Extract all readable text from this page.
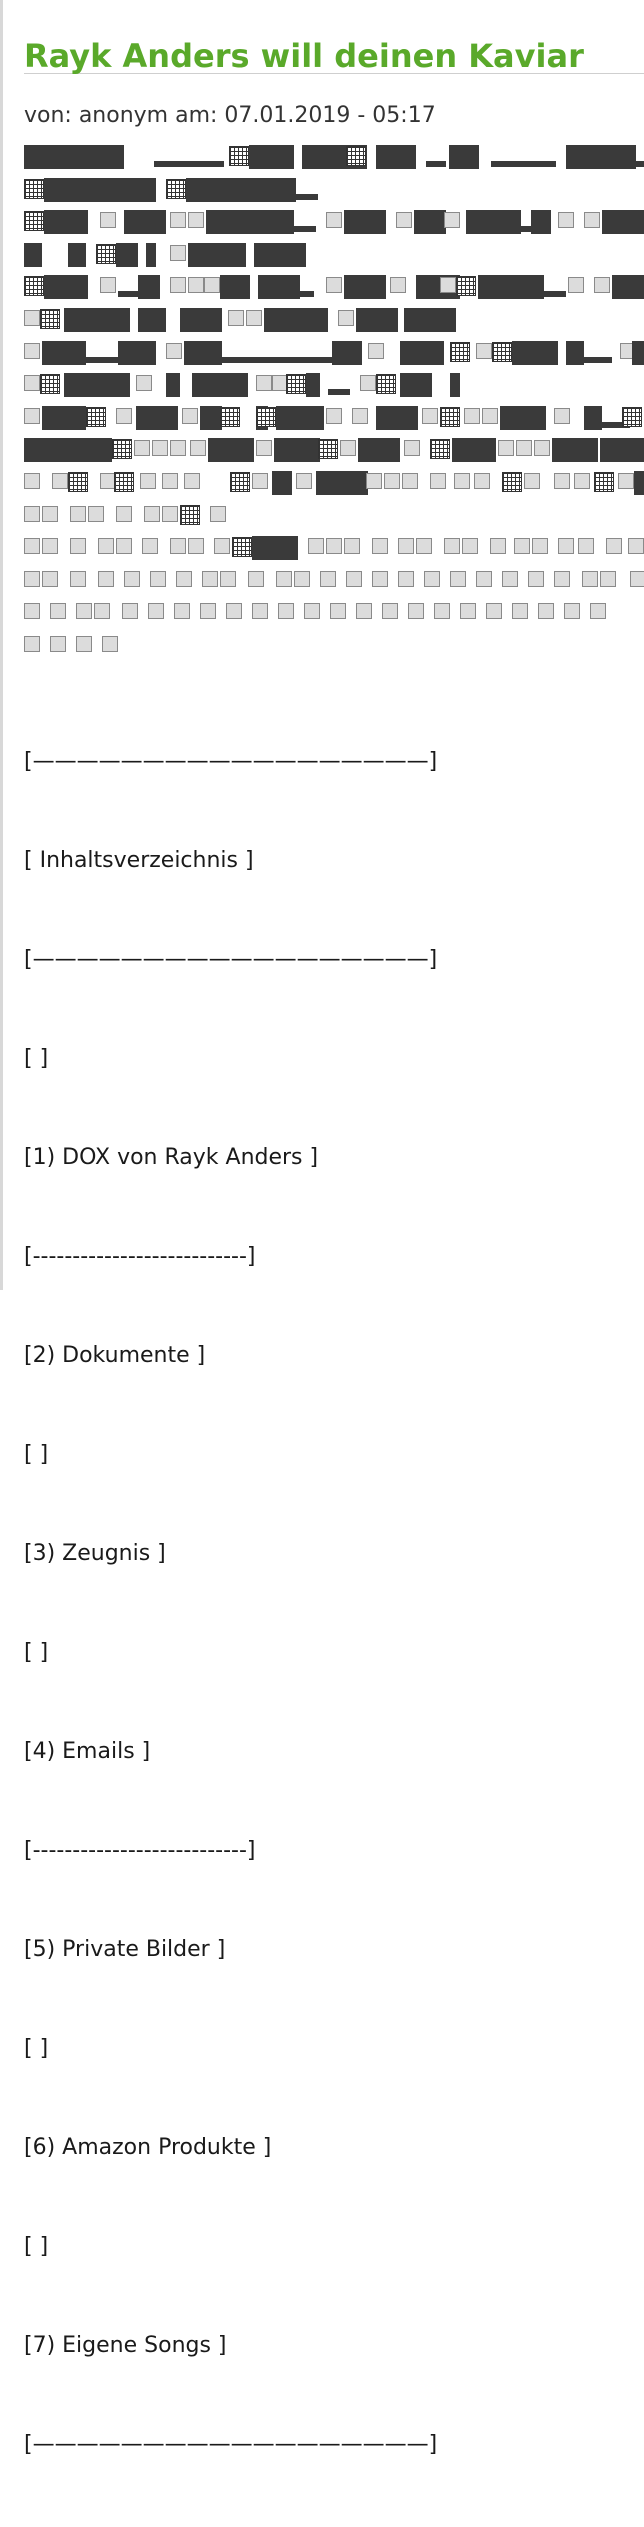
Rayk Anders will deinen Kaviar
von: anonym am: 07.01.2019 - 05:17

[——————————————————]

[ Inhaltsverzeichnis ]

[——————————————————]

[ ]

[1) DOX von Rayk Anders ]

[---------------------------]

[2) Dokumente ]

[ ]

[3) Zeugnis ]

[ ]

[4) Emails ]

[---------------------------]

[5) Private Bilder ]

[ ]

[6) Amazon Produkte ]

[ ]

[7) Eigene Songs ]

[——————————————————]
